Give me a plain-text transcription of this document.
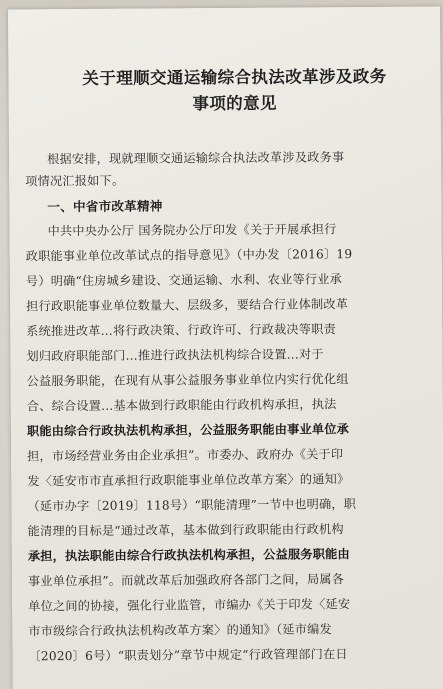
关于理顺交通运输综合执法改革涉及政务
事项的意见
根据安排，现就理顺交通运输综合执法改革涉及政务事
项情况汇报如下。
一、中省市改革精神
中共中央办公厅 国务院办公厅印发《关于开展承担行
政职能事业单位改革试点的指导意见》（中办发〔2016〕19
号）明确“住房城乡建设、交通运输、水利、农业等行业承
担行政职能事业单位数量大、层级多，要结合行业体制改革
系统推进改革…将行政决策、行政许可、行政裁决等职责
划归政府职能部门…推进行政执法机构综合设置…对于
公益服务职能，在现有从事公益服务事业单位内实行优化组
合、综合设置…基本做到行政职能由行政机构承担，执法
职能由综合行政执法机构承担，公益服务职能由事业单位承
担，市场经营业务由企业承担”。市委办、政府办《关于印
发〈延安市市直承担行政职能事业单位改革方案〉的通知》
（延市办字〔2019〕118号）“职能清理”一节中也明确，职
能清理的目标是“通过改革，基本做到行政职能由行政机构
承担，执法职能由综合行政执法机构承担，公益服务职能由
事业单位承担”。而就改革后加强政府各部门之间，局属各
单位之间的协接，强化行业监管，市编办《关于印发〈延安
市市级综合行政执法机构改革方案〉的通知》（延市编发
〔2020〕6号）“职责划分”章节中规定“行政管理部门在日
